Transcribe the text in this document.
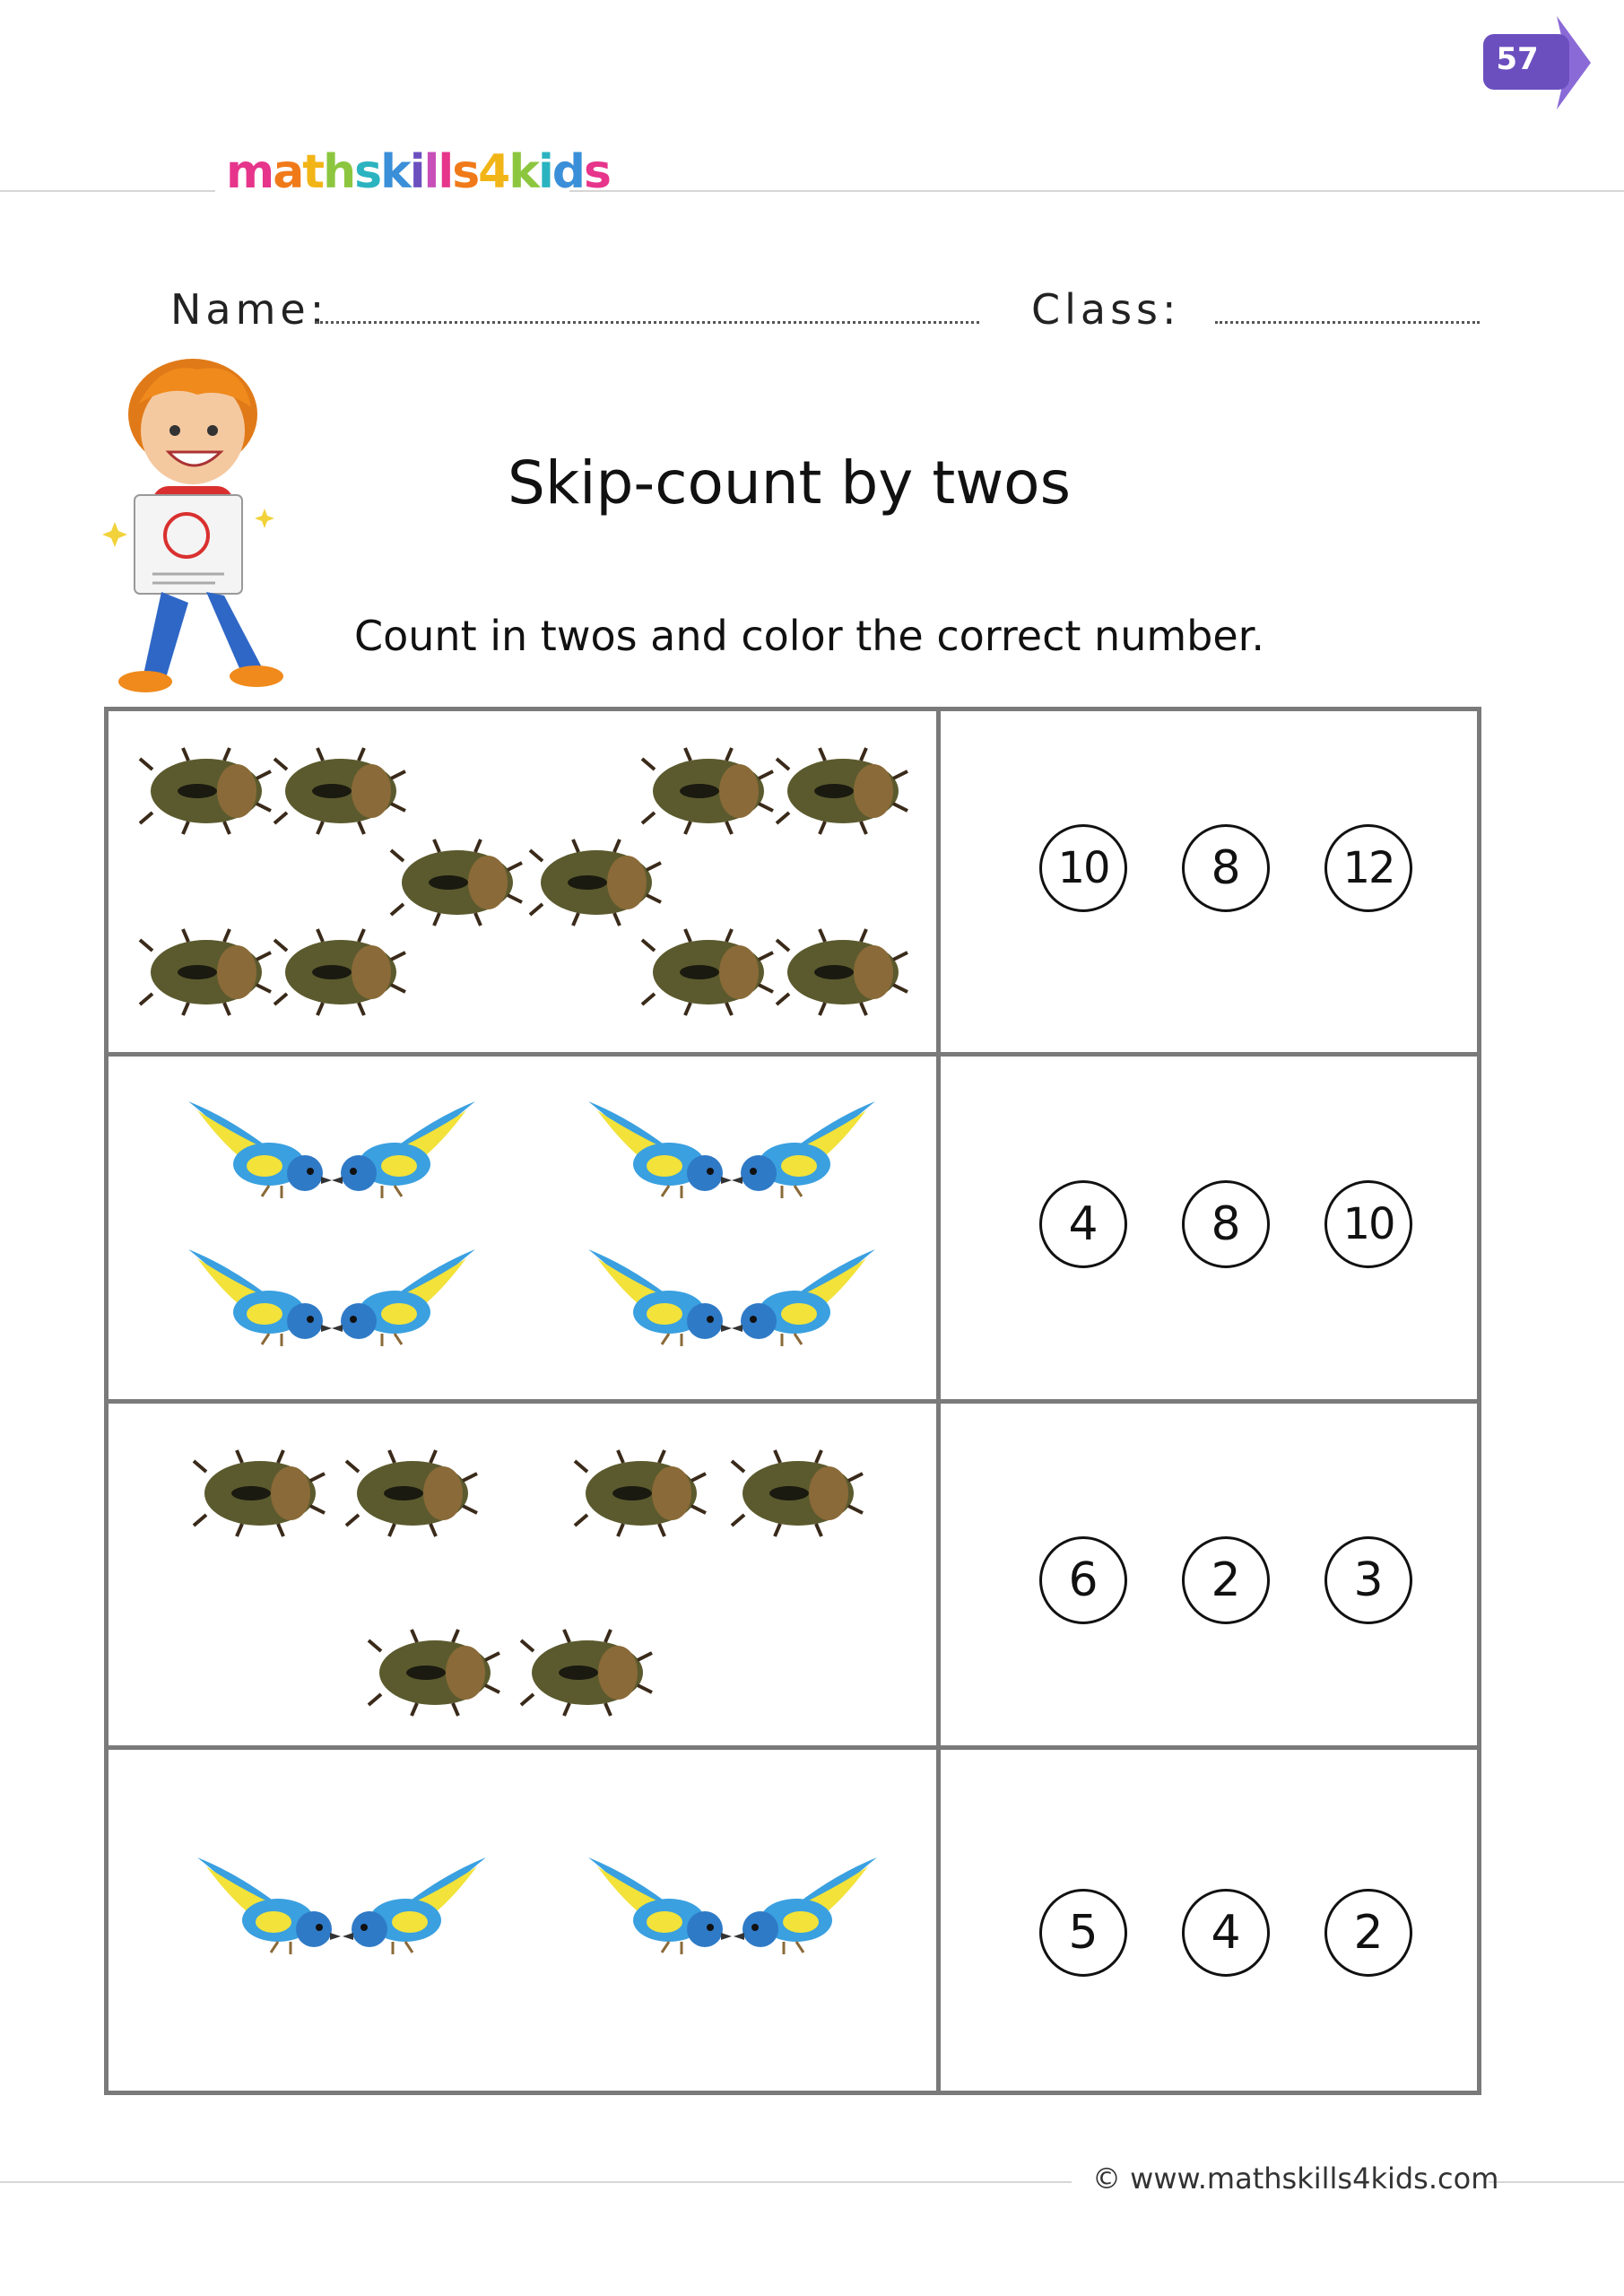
mathskills4kids
57
Name:	Class:
Skip-count by twos
Count in twos and color the correct number.
10	8	12
4	8	10
6	2	3
5	4	2
© www.mathskills4kids.com
